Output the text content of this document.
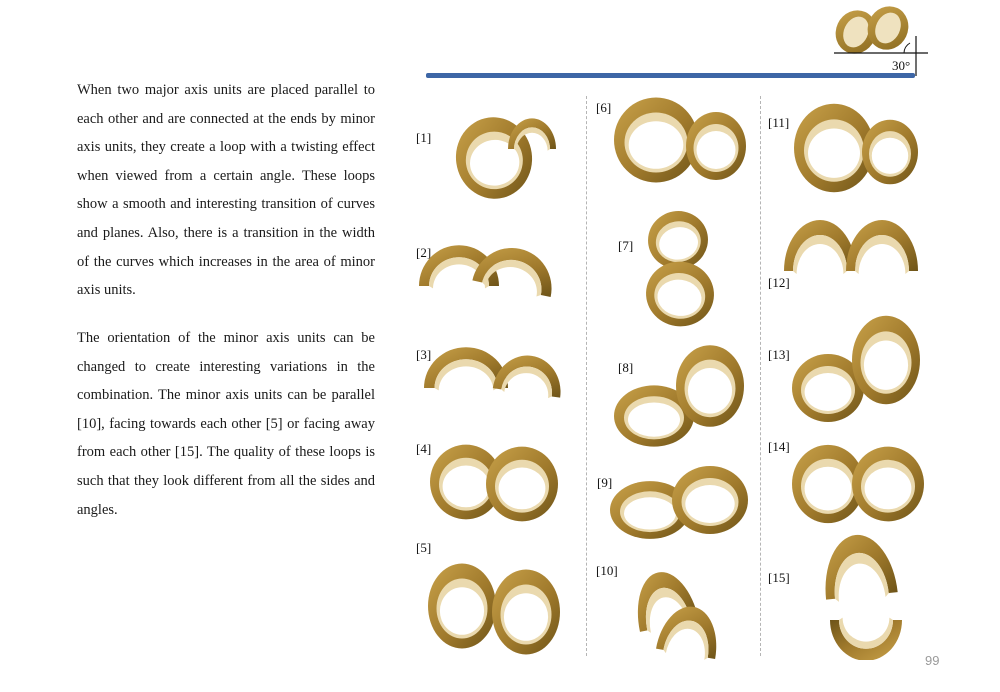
When two major axis units are placed parallel to each other and are connected at the ends by minor axis units, they create a loop with a twisting effect when viewed from a certain angle. These loops show a smooth and interesting transition of curves and planes. Also, there is a transition in the width of the curves which increases in the area of minor axis units.

The orientation of the minor axis units can be changed to create interesting variations in the combination. The minor axis units can be parallel [10], facing towards each other [5] or facing away from each other [15]. The quality of these loops is such that they look different from all the sides and angles.

30°
[1]
[2]
[3]
[4]
[5]
[6]
[7]
[8]
[9]
[10]
[11]
[12]
[13]
[14]
[15]
99
